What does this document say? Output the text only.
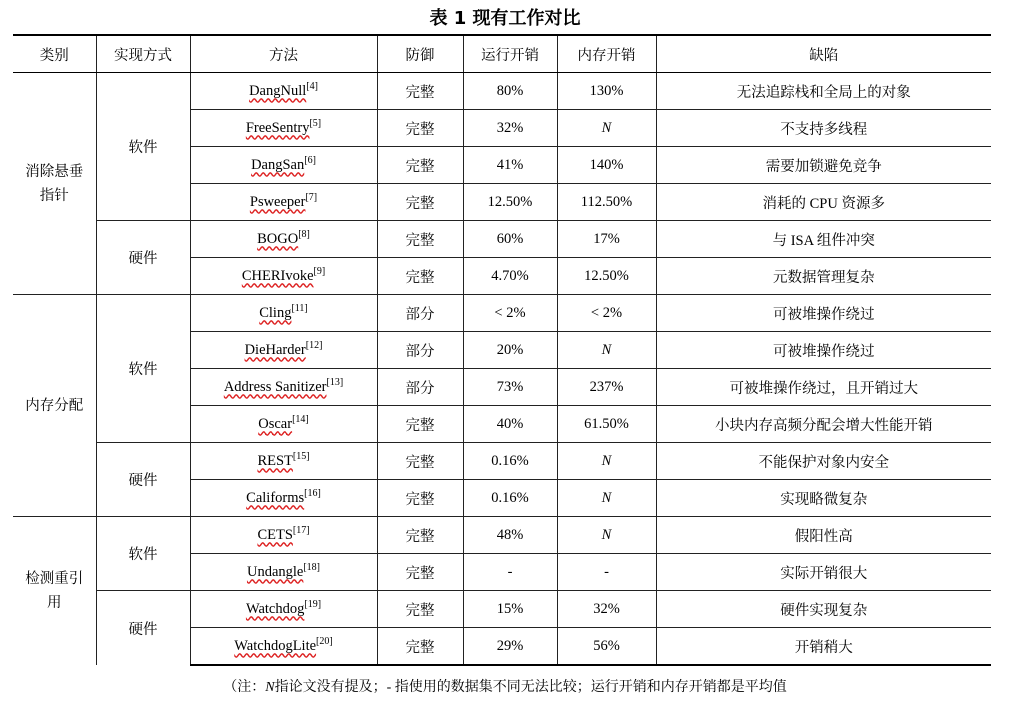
表 1 现有工作对比
类别	实现方式	方法	防御	运行开销	内存开销	缺陷
消除悬垂指针	软件	DangNull[4]	完整	80%	130%	无法追踪栈和全局上的对象
		FreeSentry[5]	完整	32%	N	不支持多线程
		DangSan[6]	完整	41%	140%	需要加锁避免竞争
		Psweeper[7]	完整	12.50%	112.50%	消耗的 CPU 资源多
	硬件	BOGO[8]	完整	60%	17%	与 ISA 组件冲突
		CHERIvoke[9]	完整	4.70%	12.50%	元数据管理复杂
内存分配	软件	Cling[11]	部分	< 2%	< 2%	可被堆操作绕过
		DieHarder[12]	部分	20%	N	可被堆操作绕过
		Address Sanitizer[13]	部分	73%	237%	可被堆操作绕过，且开销过大
		Oscar[14]	完整	40%	61.50%	小块内存高频分配会增大性能开销
	硬件	REST[15]	完整	0.16%	N	不能保护对象内安全
		Califorms[16]	完整	0.16%	N	实现略微复杂
检测重引用	软件	CETS[17]	完整	48%	N	假阳性高
		Undangle[18]	完整	-	-	实际开销很大
	硬件	Watchdog[19]	完整	15%	32%	硬件实现复杂
		WatchdogLite[20]	完整	29%	56%	开销稍大
（注：N指论文没有提及；- 指使用的数据集不同无法比较；运行开销和内存开销都是平均值
